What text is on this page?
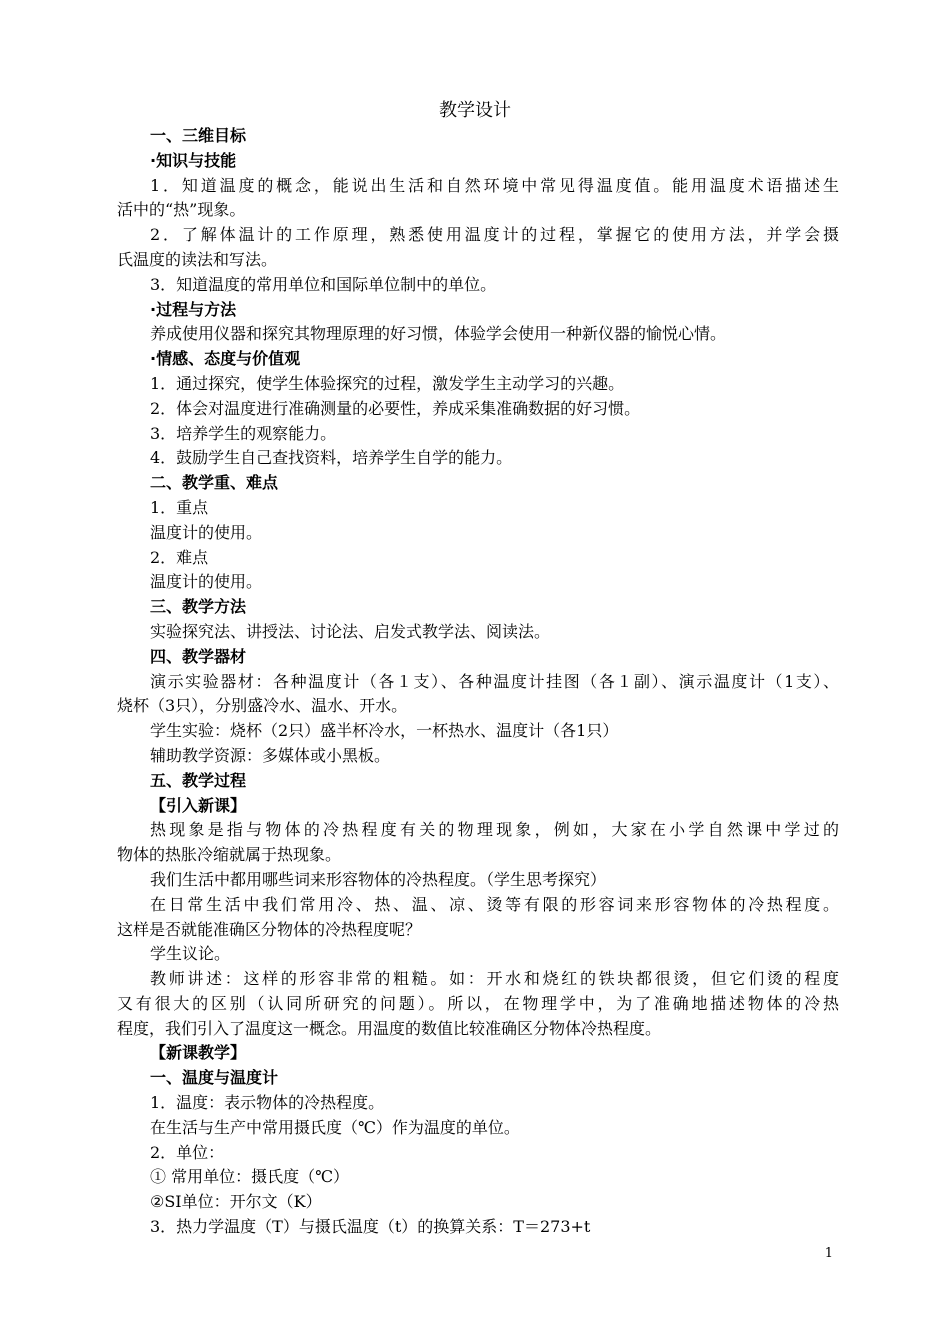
教学设计
一、三维目标
·知识与技能
1．知道温度的概念，能说出生活和自然环境中常见得温度值。能用温度术语描述生
活中的“热”现象。
2．了解体温计的工作原理，熟悉使用温度计的过程，掌握它的使用方法，并学会摄
氏温度的读法和写法。
3．知道温度的常用单位和国际单位制中的单位。
·过程与方法
养成使用仪器和探究其物理原理的好习惯，体验学会使用一种新仪器的愉悦心情。
·情感、态度与价值观
1．通过探究，使学生体验探究的过程，激发学生主动学习的兴趣。
2．体会对温度进行准确测量的必要性，养成采集准确数据的好习惯。
3．培养学生的观察能力。
4．鼓励学生自己查找资料，培养学生自学的能力。
二、教学重、难点
1．重点
温度计的使用。
2．难点
温度计的使用。
三、教学方法
实验探究法、讲授法、讨论法、启发式教学法、阅读法。
四、教学器材
演示实验器材：各种温度计（各１支）、各种温度计挂图（各１副）、演示温度计（1支）、
烧杯（3只），分别盛冷水、温水、开水。
学生实验：烧杯（2只）盛半杯冷水，一杯热水、温度计（各1只）
辅助教学资源：多媒体或小黑板。
五、教学过程
【引入新课】
热现象是指与物体的冷热程度有关的物理现象，例如，大家在小学自然课中学过的
物体的热胀冷缩就属于热现象。
我们生活中都用哪些词来形容物体的冷热程度。（学生思考探究）
在日常生活中我们常用冷、热、温、凉、烫等有限的形容词来形容物体的冷热程度。
这样是否就能准确区分物体的冷热程度呢？
学生议论。
教师讲述：这样的形容非常的粗糙。如：开水和烧红的铁块都很烫，但它们烫的程度
又有很大的区别（认同所研究的问题）。所以，在物理学中，为了准确地描述物体的冷热
程度，我们引入了温度这一概念。用温度的数值比较准确区分物体冷热程度。
【新课教学】
一、温度与温度计
1．温度：表示物体的冷热程度。
在生活与生产中常用摄氏度（℃）作为温度的单位。
2．单位：
① 常用单位：摄氏度（℃）
②SI单位：开尔文（K）
3．热力学温度（T）与摄氏温度（t）的换算关系：T＝273+t
1
